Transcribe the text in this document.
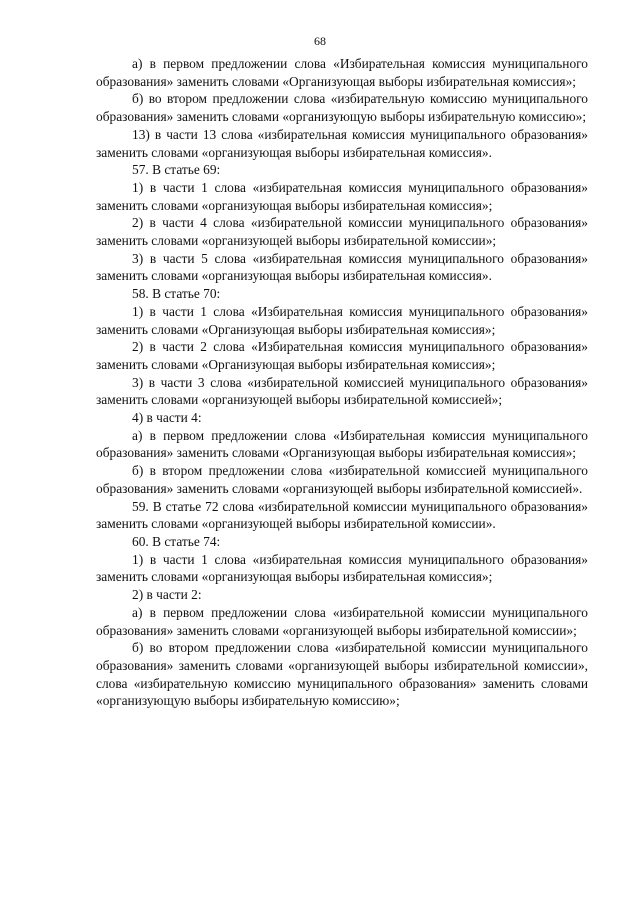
68

а) в первом предложении слова «Избирательная комиссия муниципального образования» заменить словами «Организующая выборы избирательная комиссия»;

б) во втором предложении слова «избирательную комиссию муниципального образования» заменить словами «организующую выборы избирательную комиссию»;

13) в части 13 слова «избирательная комиссия муниципального образования» заменить словами «организующая выборы избирательная комиссия».

57. В статье 69:

1) в части 1 слова «избирательная комиссия муниципального образования» заменить словами «организующая выборы избирательная комиссия»;

2) в части 4 слова «избирательной комиссии муниципального образования» заменить словами «организующей выборы избирательной комиссии»;

3) в части 5 слова «избирательная комиссия муниципального образования» заменить словами «организующая выборы избирательная комиссия».

58. В статье 70:

1) в части 1 слова «Избирательная комиссия муниципального образования» заменить словами «Организующая выборы избирательная комиссия»;

2) в части 2 слова «Избирательная комиссия муниципального образования» заменить словами «Организующая выборы избирательная комиссия»;

3) в части 3 слова «избирательной комиссией муниципального образования» заменить словами «организующей выборы избирательной комиссией»;

4) в части 4:

а) в первом предложении слова «Избирательная комиссия муниципального образования» заменить словами «Организующая выборы избирательная комиссия»;

б) в втором предложении слова «избирательной комиссией муниципального образования» заменить словами «организующей выборы избирательной комиссией».

59. В статье 72 слова «избирательной комиссии муниципального образования» заменить словами «организующей выборы избирательной комиссии».

60. В статье 74:

1) в части 1 слова «избирательная комиссия муниципального образования» заменить словами «организующая выборы избирательная комиссия»;

2) в части 2:

а) в первом предложении слова «избирательной комиссии муниципального образования» заменить словами «организующей выборы избирательной комиссии»;

б) во втором предложении слова «избирательной комиссии муниципального образования» заменить словами «организующей выборы избирательной комиссии», слова «избирательную комиссию муниципального образования» заменить словами «организующую выборы избирательную комиссию»;
